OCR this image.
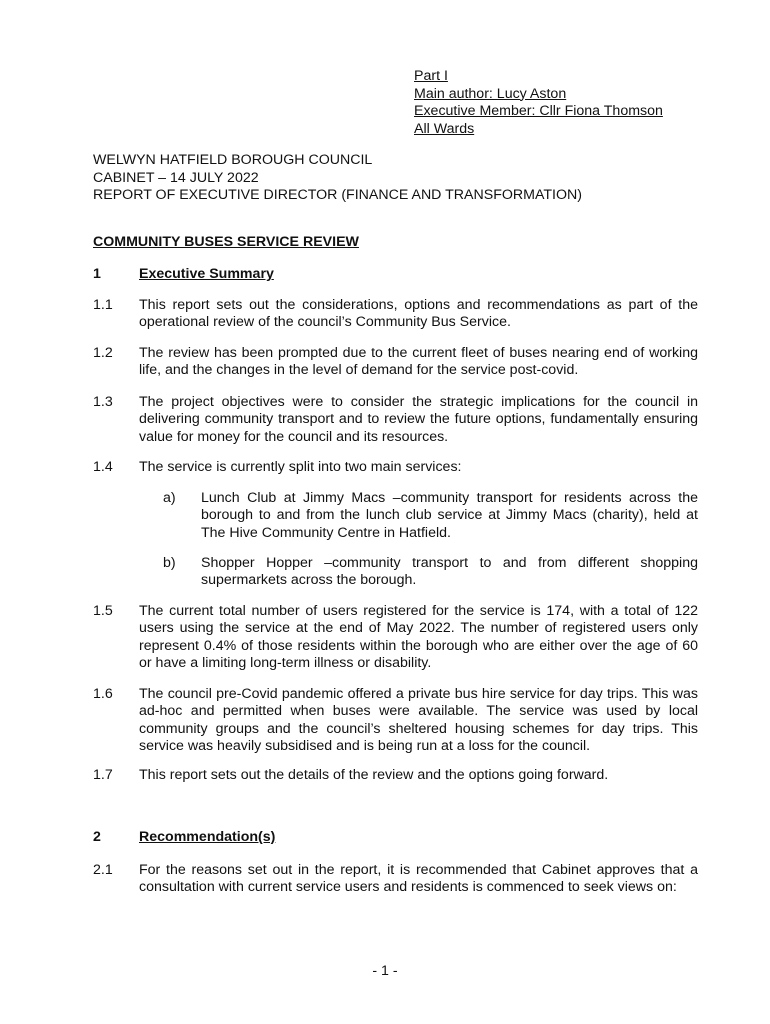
Part I
Main author: Lucy Aston
Executive Member: Cllr Fiona Thomson
All Wards
WELWYN HATFIELD BOROUGH COUNCIL
CABINET – 14 JULY 2022
REPORT OF EXECUTIVE DIRECTOR (FINANCE AND TRANSFORMATION)
COMMUNITY BUSES SERVICE REVIEW
1	Executive Summary
1.1 This report sets out the considerations, options and recommendations as part of the operational review of the council’s Community Bus Service.
1.2 The review has been prompted due to the current fleet of buses nearing end of working life, and the changes in the level of demand for the service post-covid.
1.3 The project objectives were to consider the strategic implications for the council in delivering community transport and to review the future options, fundamentally ensuring value for money for the council and its resources.
1.4 The service is currently split into two main services:
a) Lunch Club at Jimmy Macs –community transport for residents across the borough to and from the lunch club service at Jimmy Macs (charity), held at The Hive Community Centre in Hatfield.
b) Shopper Hopper –community transport to and from different shopping supermarkets across the borough.
1.5 The current total number of users registered for the service is 174, with a total of 122 users using the service at the end of May 2022. The number of registered users only represent 0.4% of those residents within the borough who are either over the age of 60 or have a limiting long-term illness or disability.
1.6 The council pre-Covid pandemic offered a private bus hire service for day trips. This was ad-hoc and permitted when buses were available. The service was used by local community groups and the council’s sheltered housing schemes for day trips. This service was heavily subsidised and is being run at a loss for the council.
1.7 This report sets out the details of the review and the options going forward.
2	Recommendation(s)
2.1 For the reasons set out in the report, it is recommended that Cabinet approves that a consultation with current service users and residents is commenced to seek views on:
- 1 -
